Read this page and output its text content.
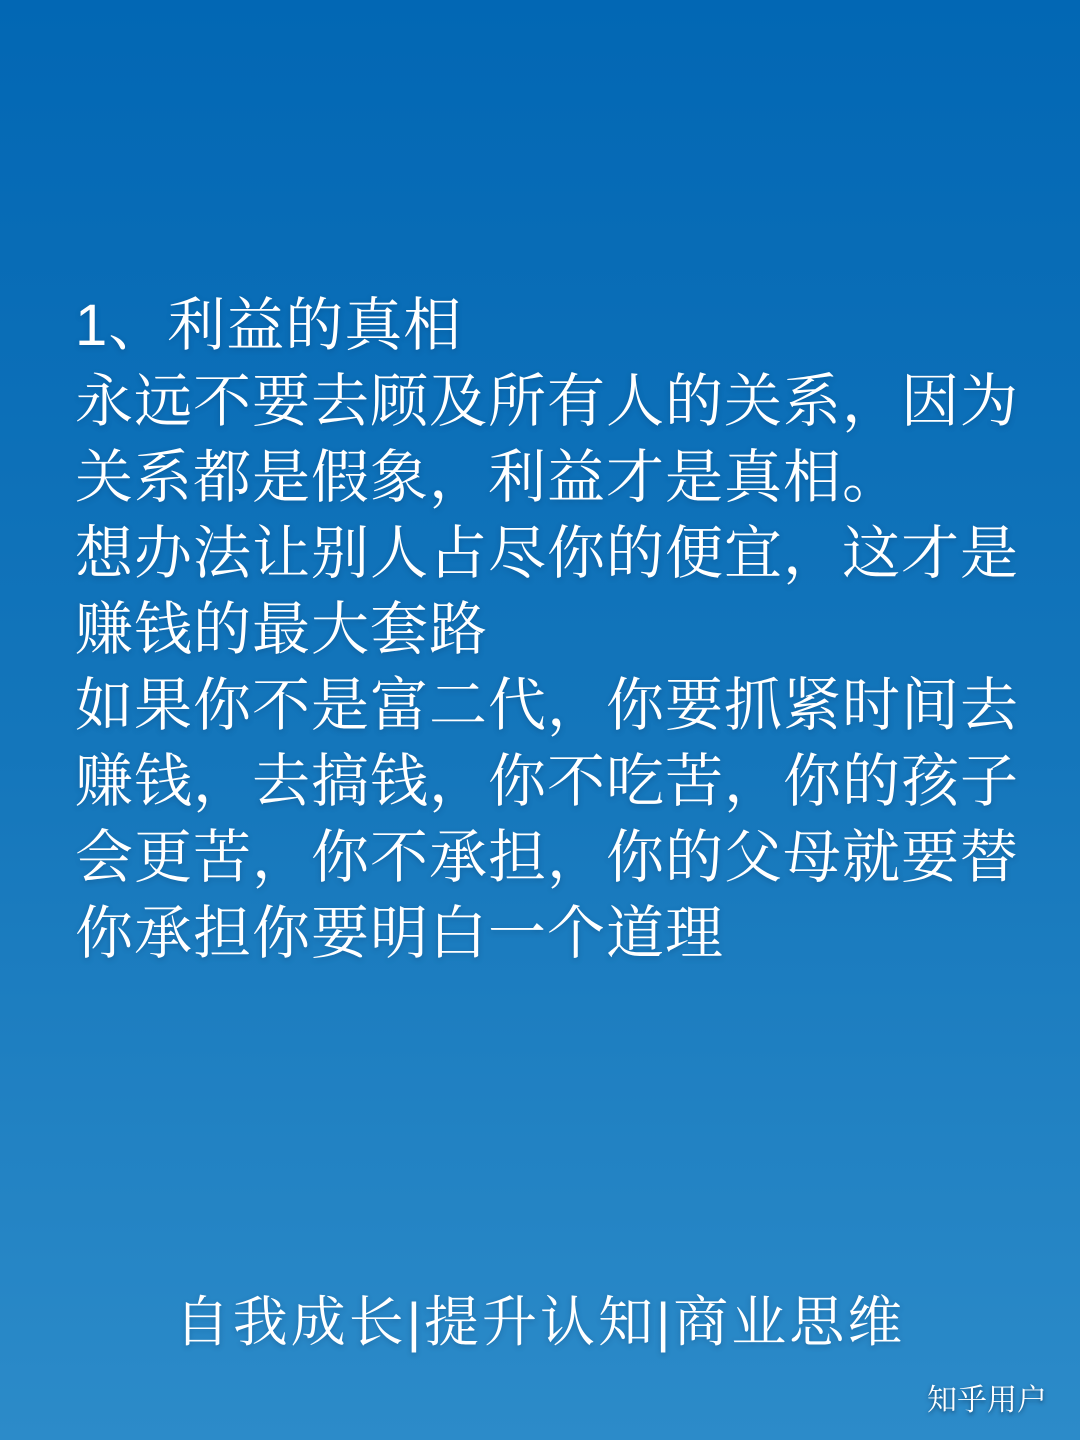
1、利益的真相
永远不要去顾及所有人的关系，因为
关系都是假象，利益才是真相。
想办法让别人占尽你的便宜，这才是
赚钱的最大套路
如果你不是富二代，你要抓紧时间去
赚钱，去搞钱，你不吃苦，你的孩子
会更苦，你不承担，你的父母就要替
你承担你要明白一个道理
自我成长|提升认知|商业思维
知乎用户
